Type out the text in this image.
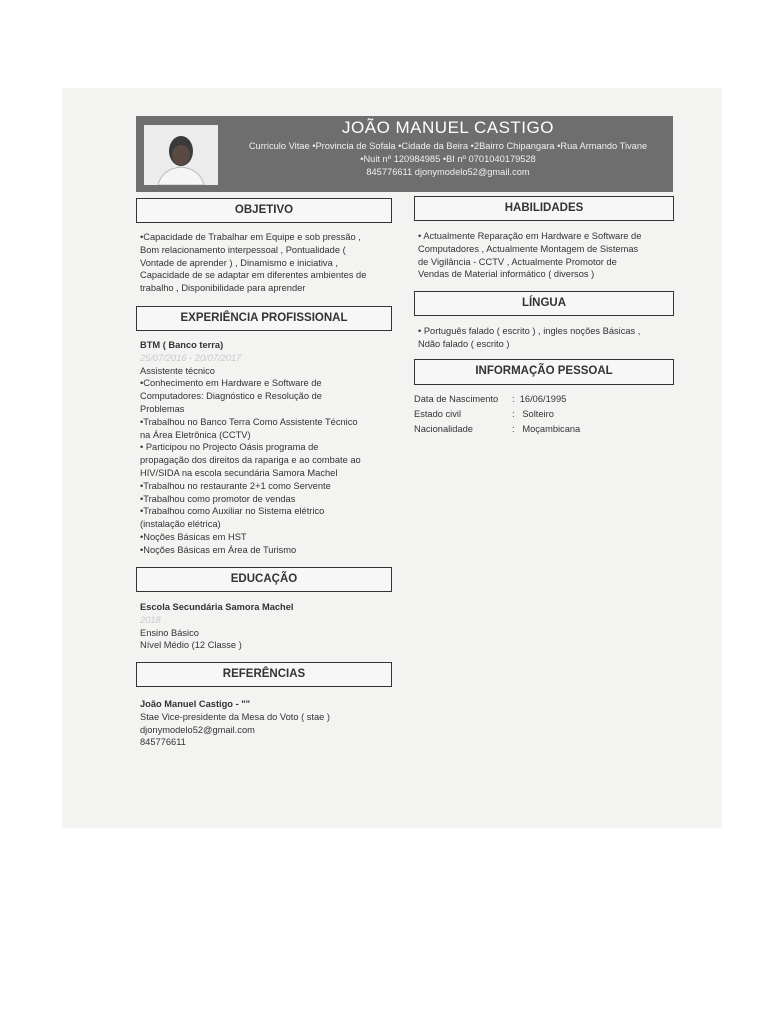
JOÃO MANUEL CASTIGO
Curriculo Vitae •Provincia de Sofala •Cidade da Beira •2Bairro Chipangara •Rua Armando Tivane
•Nuit nº 120984985 •BI nº 0701040179528
845776611 djonymodelo52@gmail.com
OBJETIVO
•Capacidade de Trabalhar em Equipe e sob pressão ,
Bom relacionamento interpessoal , Pontualidade (
Vontade de aprender ) , Dinamismo e iniciativa ,
Capacidade de se adaptar em diferentes ambientes de
trabalho , Disponibilidade para aprender
EXPERIÊNCIA PROFISSIONAL
BTM ( Banco terra)
25/07/2016 - 20/07/2017
Assistente técnico
•Conhecimento em Hardware e Software de
Computadores: Diagnóstico e Resolução de
Problemas
•Trabalhou no Banco Terra Como Assistente Técnico
na Área Eletrônica (CCTV)
• Participou no Projecto Oásis programa de
propagação dos direitos da rapariga e ao combate ao
HIV/SIDA na escola secundária Samora Machel
•Trabalhou no restaurante 2+1 como Servente
•Trabalhou como promotor de vendas
•Trabalhou como Auxiliar no Sistema elétrico
(instalação elétrica)
•Noções Básicas em HST
•Noções Básicas em Área de Turismo
EDUCAÇÃO
Escola Secundária Samora Machel
2018
Ensino Básico
Nível Médio (12 Classe )
REFERÊNCIAS
João Manuel Castigo - ""
Stae Vice-presidente da Mesa do Voto ( stae )
djonymodelo52@gmail.com
845776611
HABILIDADES
• Actualmente Reparação em Hardware e Software de
Computadores , Actualmente Montagem de Sistemas
de Vigilância - CCTV , Actualmente Promotor de
Vendas de Material informático ( diversos )
LÍNGUA
• Português falado ( escrito ) , ingles noções Básicas ,
Ndão falado ( escrito )
INFORMAÇÃO PESSOAL
Data de Nascimento :  16/06/1995
Estado civil	:   Solteiro
Nacionalidade	:   Moçambicana
